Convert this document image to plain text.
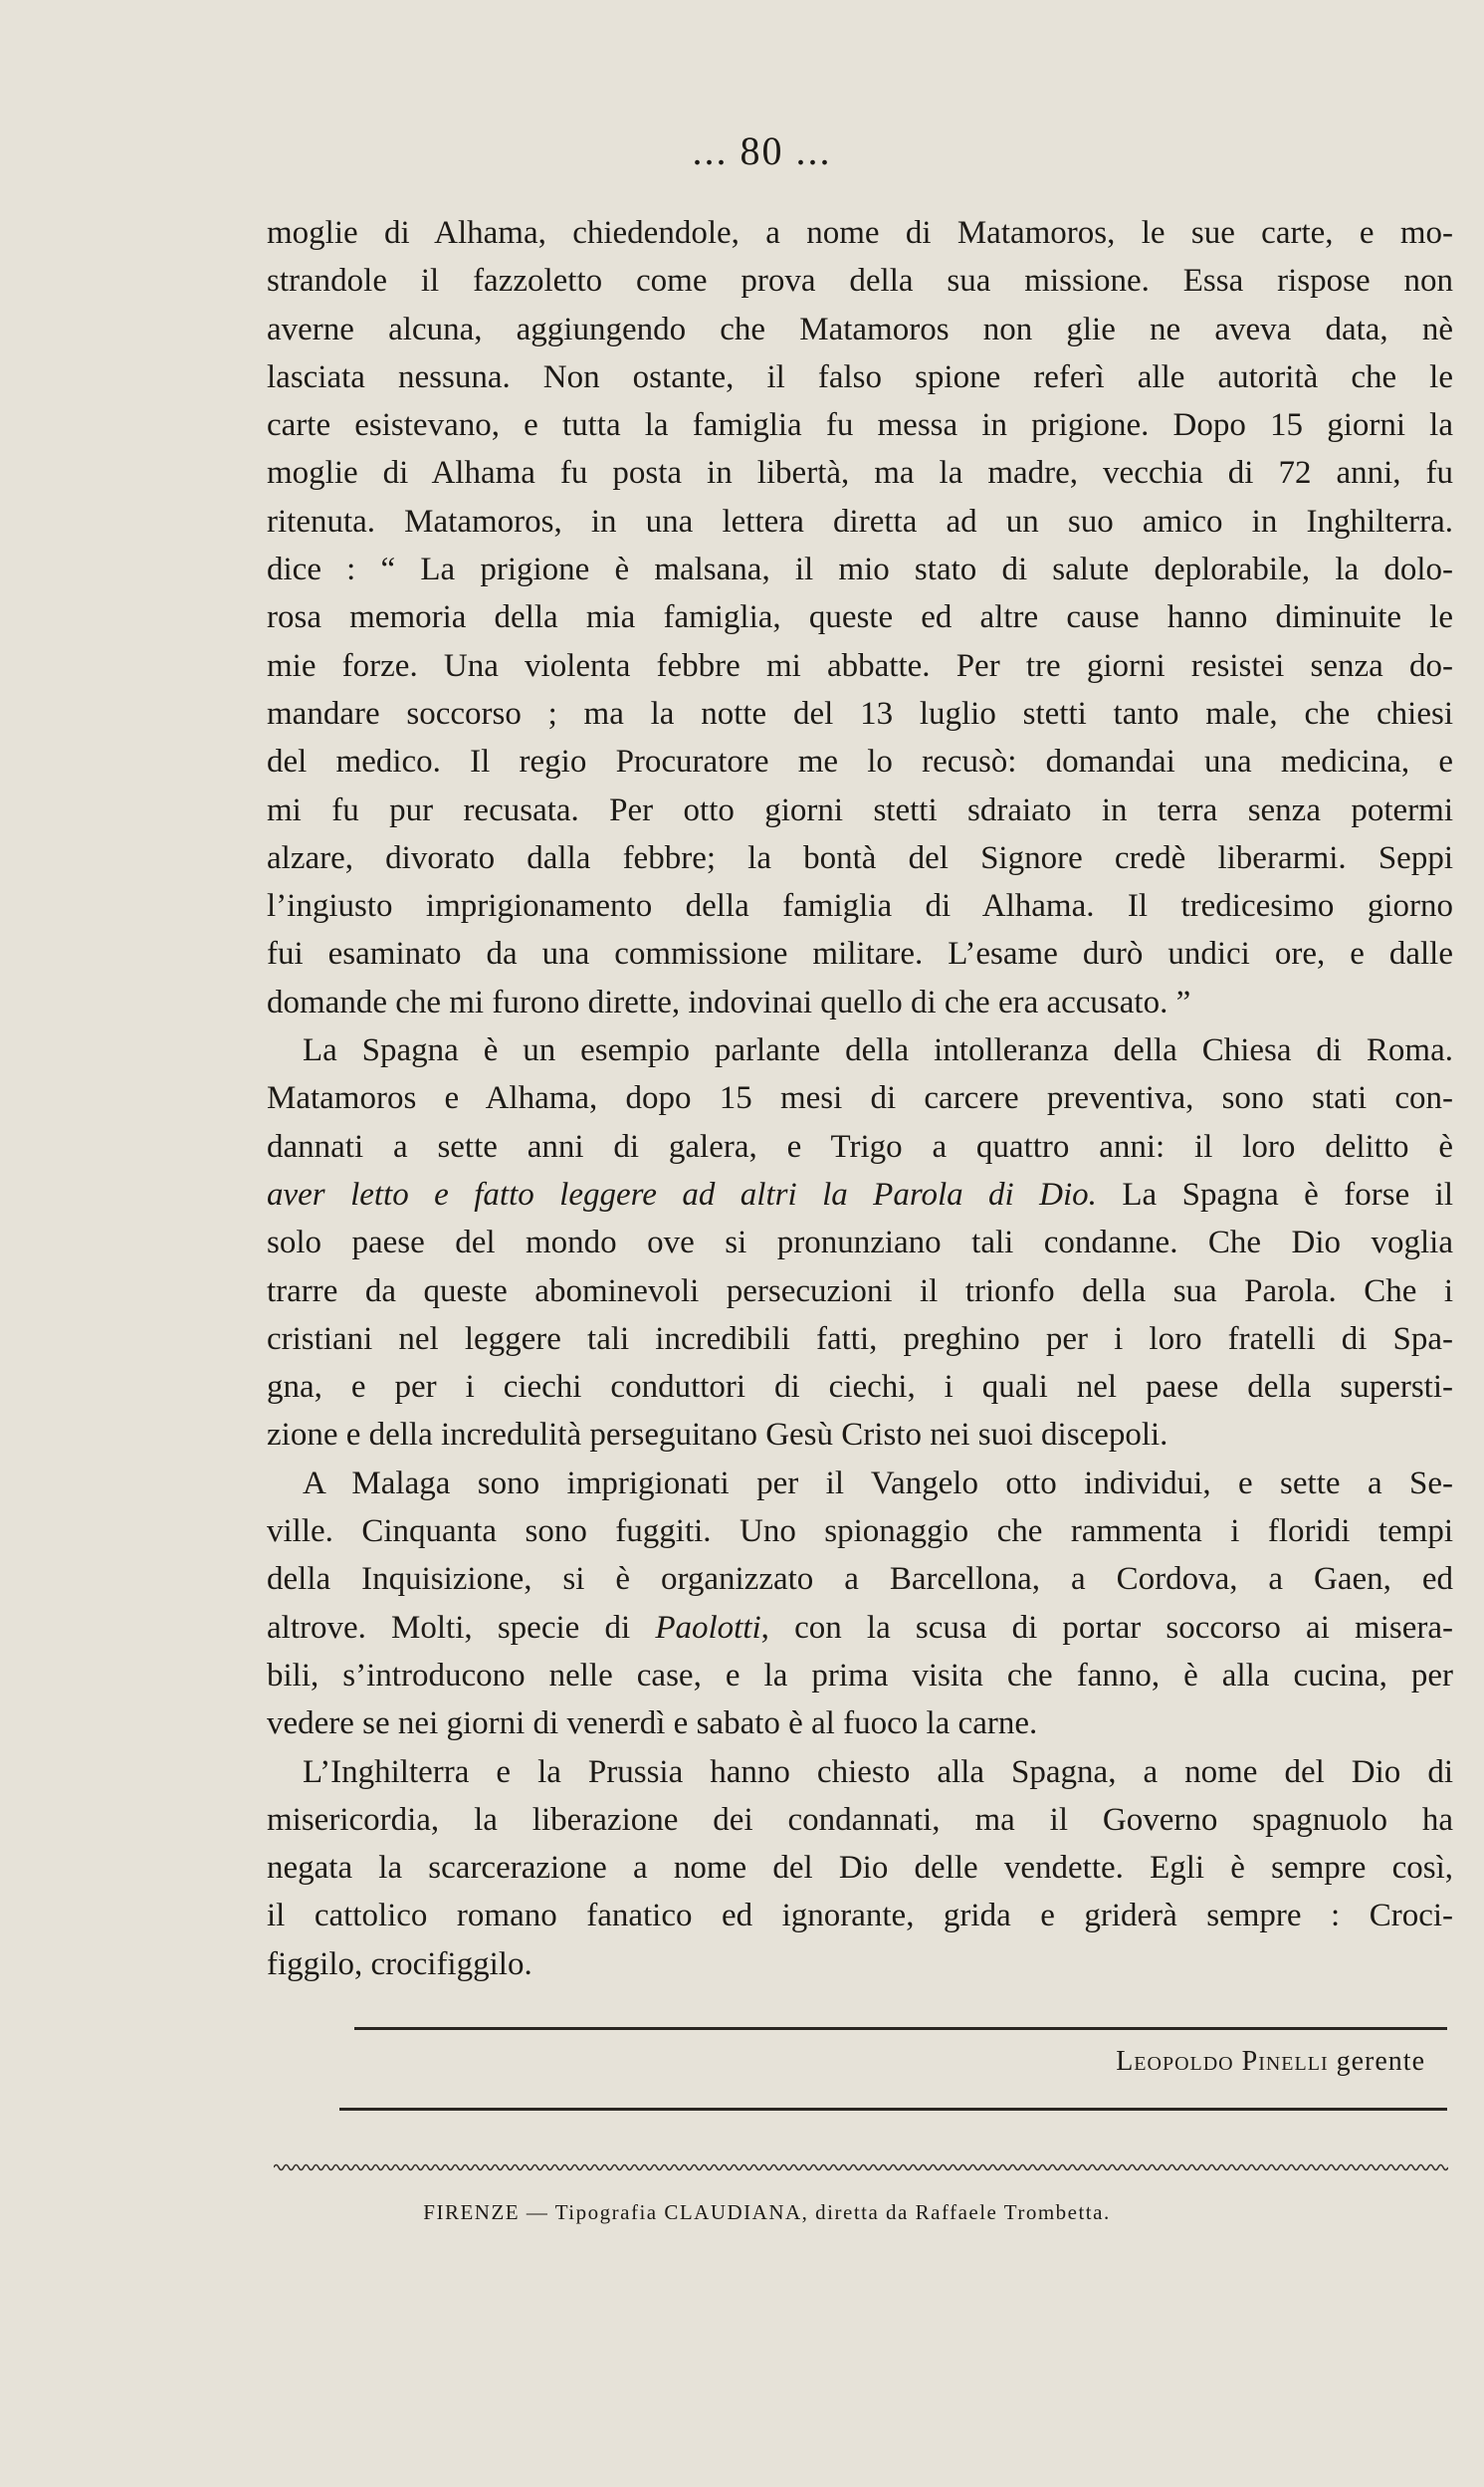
... 80 ...

moglie di Alhama, chiedendole, a nome di Matamoros, le sue carte, e mo-
strandole il fazzoletto come prova della sua missione. Essa rispose non
averne alcuna, aggiungendo che Matamoros non glie ne aveva data, nè
lasciata nessuna. Non ostante, il falso spione referì alle autorità che le
carte esistevano, e tutta la famiglia fu messa in prigione. Dopo 15 giorni la
moglie di Alhama fu posta in libertà, ma la madre, vecchia di 72 anni, fu
ritenuta. Matamoros, in una lettera diretta ad un suo amico in Inghilterra.
dice : “ La prigione è malsana, il mio stato di salute deplorabile, la dolo-
rosa memoria della mia famiglia, queste ed altre cause hanno diminuite le
mie forze. Una violenta febbre mi abbatte. Per tre giorni resistei senza do-
mandare soccorso ; ma la notte del 13 luglio stetti tanto male, che chiesi
del medico. Il regio Procuratore me lo recusò: domandai una medicina, e
mi fu pur recusata. Per otto giorni stetti sdraiato in terra senza potermi
alzare, divorato dalla febbre; la bontà del Signore credè liberarmi. Seppi
l’ingiusto imprigionamento della famiglia di Alhama. Il tredicesimo giorno
fui esaminato da una commissione militare. L’esame durò undici ore, e dalle
domande che mi furono dirette, indovinai quello di che era accusato. ”

La Spagna è un esempio parlante della intolleranza della Chiesa di Roma.
Matamoros e Alhama, dopo 15 mesi di carcere preventiva, sono stati con-
dannati a sette anni di galera, e Trigo a quattro anni: il loro delitto è
aver letto e fatto leggere ad altri la Parola di Dio. La Spagna è forse il
solo paese del mondo ove si pronunziano tali condanne. Che Dio voglia
trarre da queste abominevoli persecuzioni il trionfo della sua Parola. Che i
cristiani nel leggere tali incredibili fatti, preghino per i loro fratelli di Spa-
gna, e per i ciechi conduttori di ciechi, i quali nel paese della supersti-
zione e della incredulità perseguitano Gesù Cristo nei suoi discepoli.

A Malaga sono imprigionati per il Vangelo otto individui, e sette a Se-
ville. Cinquanta sono fuggiti. Uno spionaggio che rammenta i floridi tempi
della Inquisizione, si è organizzato a Barcellona, a Cordova, a Gaen, ed
altrove. Molti, specie di Paolotti, con la scusa di portar soccorso ai misera-
bili, s’introducono nelle case, e la prima visita che fanno, è alla cucina, per
vedere se nei giorni di venerdì e sabato è al fuoco la carne.

L’Inghilterra e la Prussia hanno chiesto alla Spagna, a nome del Dio di
misericordia, la liberazione dei condannati, ma il Governo spagnuolo ha
negata la scarcerazione a nome del Dio delle vendette. Egli è sempre così,
il cattolico romano fanatico ed ignorante, grida e griderà sempre : Croci-
figgilo, crocifiggilo.

Leopoldo Pinelli gerente
FIRENZE — Tipografia CLAUDIANA, diretta da Raffaele Trombetta.
